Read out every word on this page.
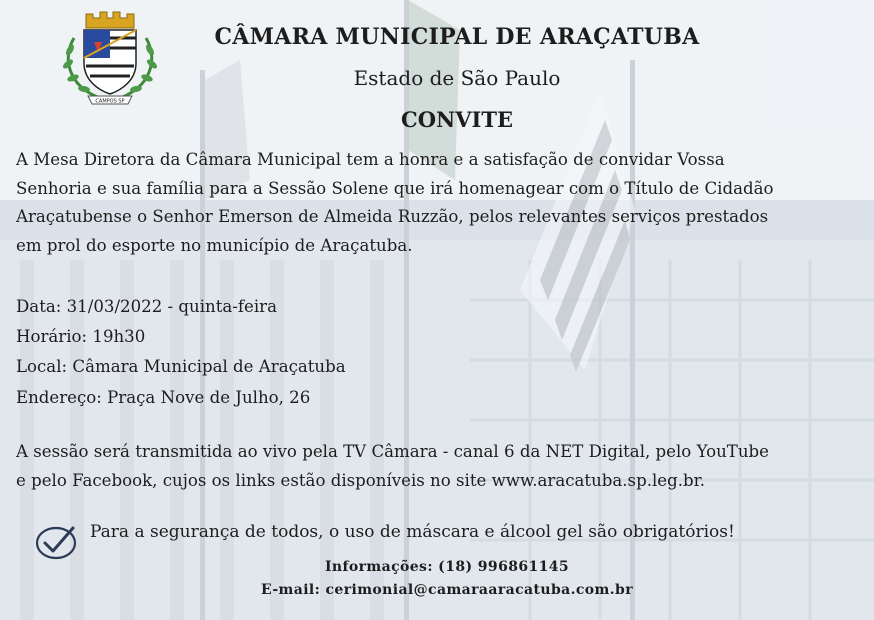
CAMPOS SP
CÂMARA MUNICIPAL DE ARAÇATUBA
Estado de São Paulo
CONVITE

A Mesa Diretora da Câmara Municipal tem a honra e a satisfação de convidar Vossa
Senhoria e sua família para a Sessão Solene que irá homenagear com o Título de Cidadão
Araçatubense o Senhor Emerson de Almeida Ruzzão, pelos relevantes serviços prestados
em prol do esporte no município de Araçatuba.

Data: 31/03/2022 - quinta-feira
Horário: 19h30
Local: Câmara Municipal de Araçatuba
Endereço: Praça Nove de Julho, 26

A sessão será transmitida ao vivo pela TV Câmara - canal 6 da NET Digital, pelo YouTube
e pelo Facebook, cujos os links estão disponíveis no site www.aracatuba.sp.leg.br.

Para a segurança de todos, o uso de máscara e álcool gel são obrigatórios!
Informações: (18) 996861145
E-mail: cerimonial@camaraaracatuba.com.br
